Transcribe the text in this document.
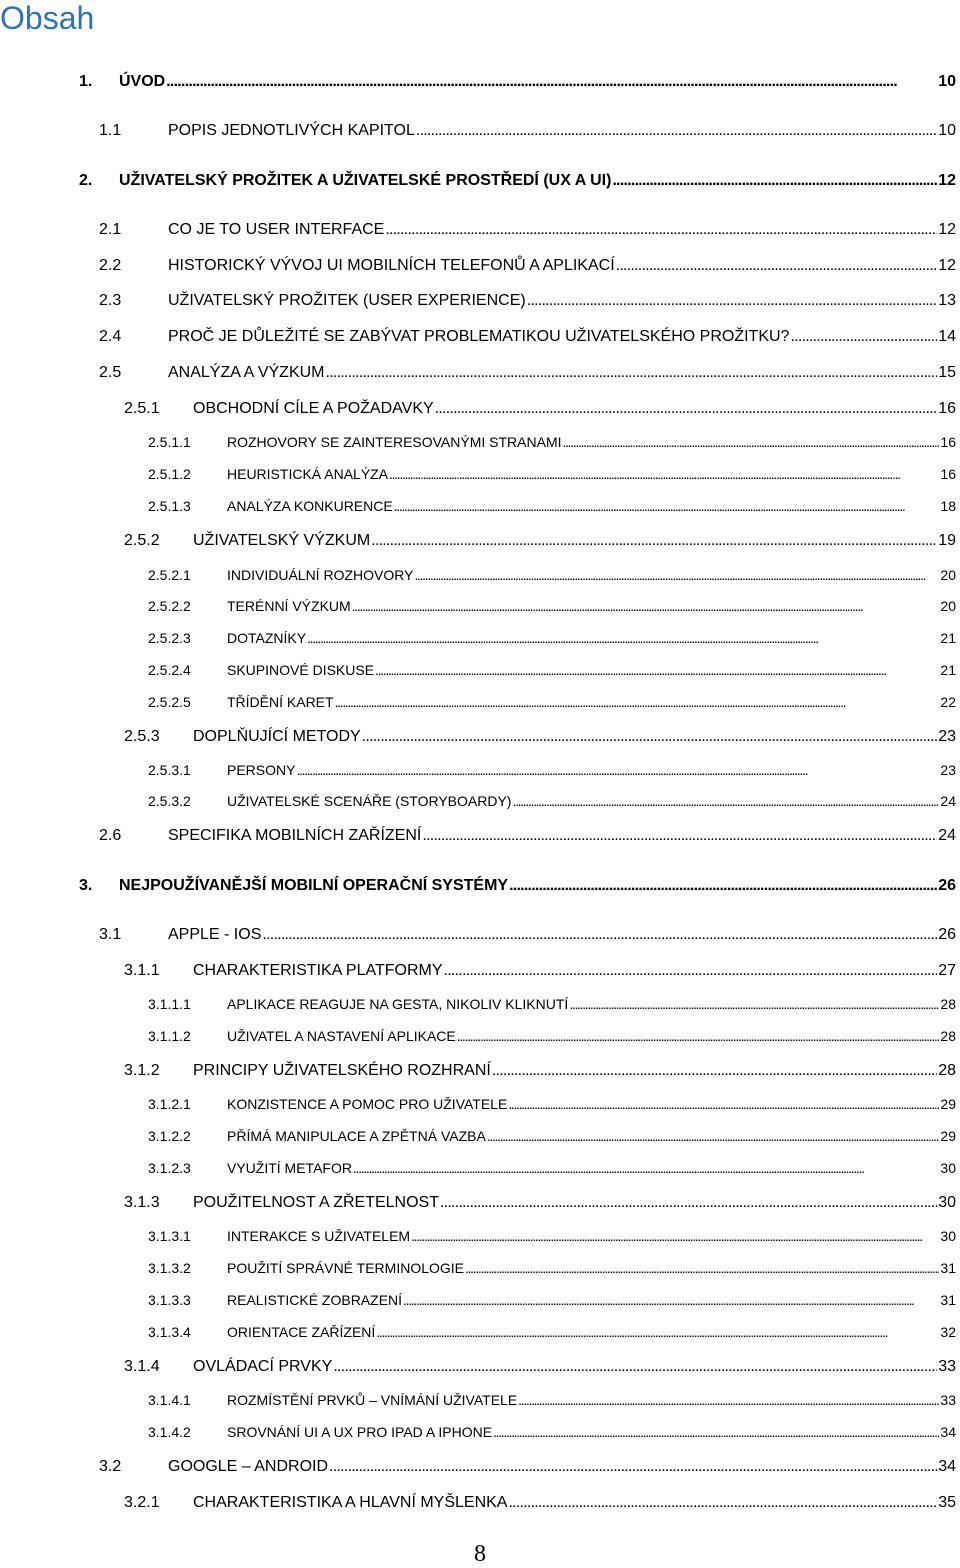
Obsah
1.	ÚVOD . . .	10
1.1	POPIS JEDNOTLIVÝCH KAPITOL . . .	10
2.	UŽIVATELSKÝ PROŽITEK A UŽIVATELSKÉ PROSTŘEDÍ (UX A UI) . . .	12
2.1	CO JE TO USER INTERFACE . . .	12
2.2	HISTORICKÝ VÝVOJ UI MOBILNÍCH TELEFONŮ A APLIKACÍ . . .	12
2.3	UŽIVATELSKÝ PROŽITEK (USER EXPERIENCE) . . .	13
2.4	PROČ JE DŮLEŽITÉ SE ZABÝVAT PROBLEMATIKOU UŽIVATELSKÉHO PROŽITKU? . . .	14
2.5	ANALÝZA A VÝZKUM . . .	15
2.5.1	OBCHODNÍ CÍLE A POŽADAVKY . . .	16
2.5.1.1	ROZHOVORY SE ZAINTERESOVANÝMI STRANAMI . . .	16
2.5.1.2	HEURISTICKÁ ANALÝZA . . .	16
2.5.1.3	ANALÝZA KONKURENCE . . .	18
2.5.2	UŽIVATELSKÝ VÝZKUM . . .	19
2.5.2.1	INDIVIDUÁLNÍ ROZHOVORY . . .	20
2.5.2.2	TERÉNNÍ VÝZKUM . . .	20
2.5.2.3	DOTAZNÍKY . . .	21
2.5.2.4	SKUPINOVÉ DISKUSE . . .	21
2.5.2.5	TŘÍDĚNÍ KARET . . .	22
2.5.3	DOPLŇUJÍCÍ METODY . . .	23
2.5.3.1	PERSONY . . .	23
2.5.3.2	UŽIVATELSKÉ SCENÁŘE (STORYBOARDY) . . .	24
2.6	SPECIFIKA MOBILNÍCH ZAŘÍZENÍ . . .	24
3.	NEJPOUŽÍVANĚJŠÍ MOBILNÍ OPERAČNÍ SYSTÉMY . . .	26
3.1	APPLE - IOS . . .	26
3.1.1	CHARAKTERISTIKA PLATFORMY . . .	27
3.1.1.1	APLIKACE REAGUJE NA GESTA, NIKOLIV KLIKNUTÍ . . .	28
3.1.1.2	UŽIVATEL A NASTAVENÍ APLIKACE . . .	28
3.1.2	PRINCIPY UŽIVATELSKÉHO ROZHRANÍ . . .	28
3.1.2.1	KONZISTENCE A POMOC PRO UŽIVATELE . . .	29
3.1.2.2	PŘÍMÁ MANIPULACE A ZPĚTNÁ VAZBA . . .	29
3.1.2.3	VYUŽITÍ METAFOR . . .	30
3.1.3	POUŽITELNOST A ZŘETELNOST . . .	30
3.1.3.1	INTERAKCE S UŽIVATELEM . . .	30
3.1.3.2	POUŽITÍ SPRÁVNÉ TERMINOLOGIE . . .	31
3.1.3.3	REALISTICKÉ ZOBRAZENÍ . . .	31
3.1.3.4	ORIENTACE ZAŘÍZENÍ . . .	32
3.1.4	OVLÁDACÍ PRVKY . . .	33
3.1.4.1	ROZMÍSTĚNÍ PRVKŮ – VNÍMÁNÍ UŽIVATELE . . .	33
3.1.4.2	SROVNÁNÍ UI A UX PRO IPAD A IPHONE . . .	34
3.2	GOOGLE – ANDROID . . .	34
3.2.1	CHARAKTERISTIKA A HLAVNÍ MYŠLENKA . . .	35
8
